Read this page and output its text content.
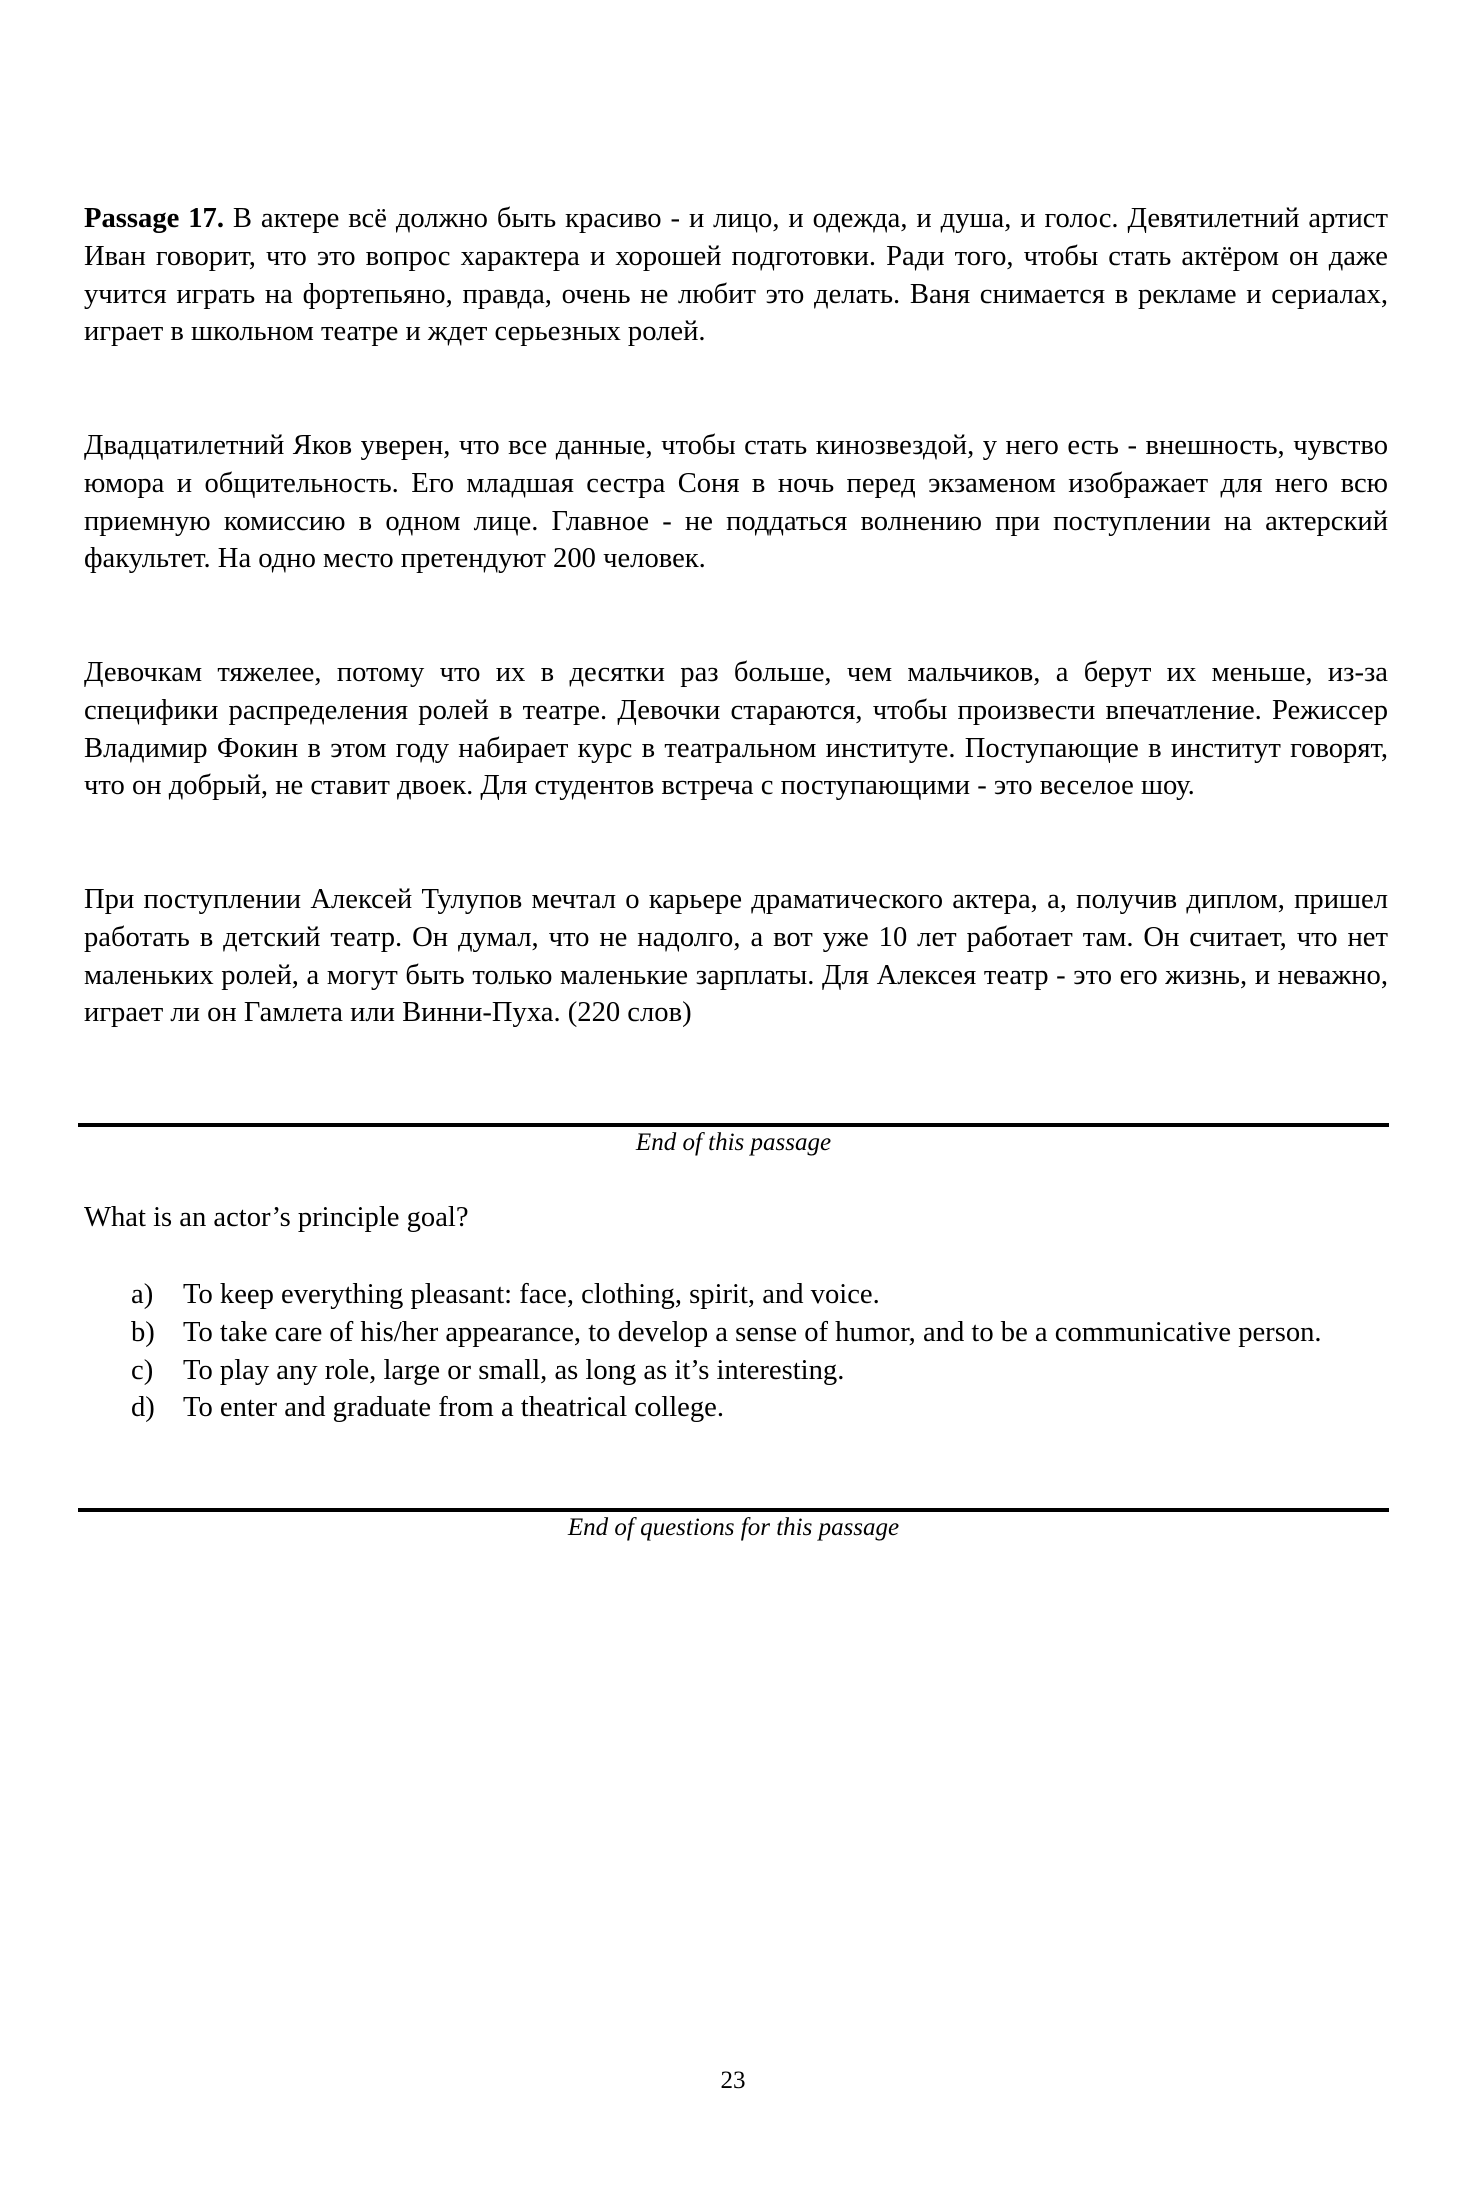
Passage 17. В актере всё должно быть красиво - и лицо, и одежда, и душа, и голос. Девятилетний артист Иван говорит, что это вопрос характера и хорошей подготовки. Ради того, чтобы стать актёром он даже учится играть на фортепьяно, правда, очень не любит это делать. Ваня снимается в рекламе и сериалах, играет в школьном театре и ждет серьезных ролей.

Двадцатилетний Яков уверен, что все данные, чтобы стать кинозвездой, у него есть - внешность, чувство юмора и общительность. Его младшая сестра Соня в ночь перед экзаменом изображает для него всю приемную комиссию в одном лице. Главное - не поддаться волнению при поступлении на актерский факультет. На одно место претендуют 200 человек.

Девочкам тяжелее, потому что их в десятки раз больше, чем мальчиков, а берут их меньше, из-за специфики распределения ролей в театре. Девочки стараются, чтобы произвести впечатление. Режиссер Владимир Фокин в этом году набирает курс в театральном институте. Поступающие в институт говорят, что он добрый, не ставит двоек. Для студентов встреча с поступающими - это веселое шоу.

При поступлении Алексей Тулупов мечтал о карьере драматического актера, а, получив диплом, пришел работать в детский театр. Он думал, что не надолго, а вот уже 10 лет работает там. Он считает, что нет маленьких ролей, а могут быть только маленькие зарплаты. Для Алексея театр - это его жизнь, и неважно, играет ли он Гамлета или Винни-Пуха. (220 слов)

End of this passage
What is an actor’s principle goal?
a) To keep everything pleasant: face, clothing, spirit, and voice.
b) To take care of his/her appearance, to develop a sense of humor, and to be a communicative person.
c) To play any role, large or small, as long as it’s interesting.
d) To enter and graduate from a theatrical college.
End of questions for this passage
23
